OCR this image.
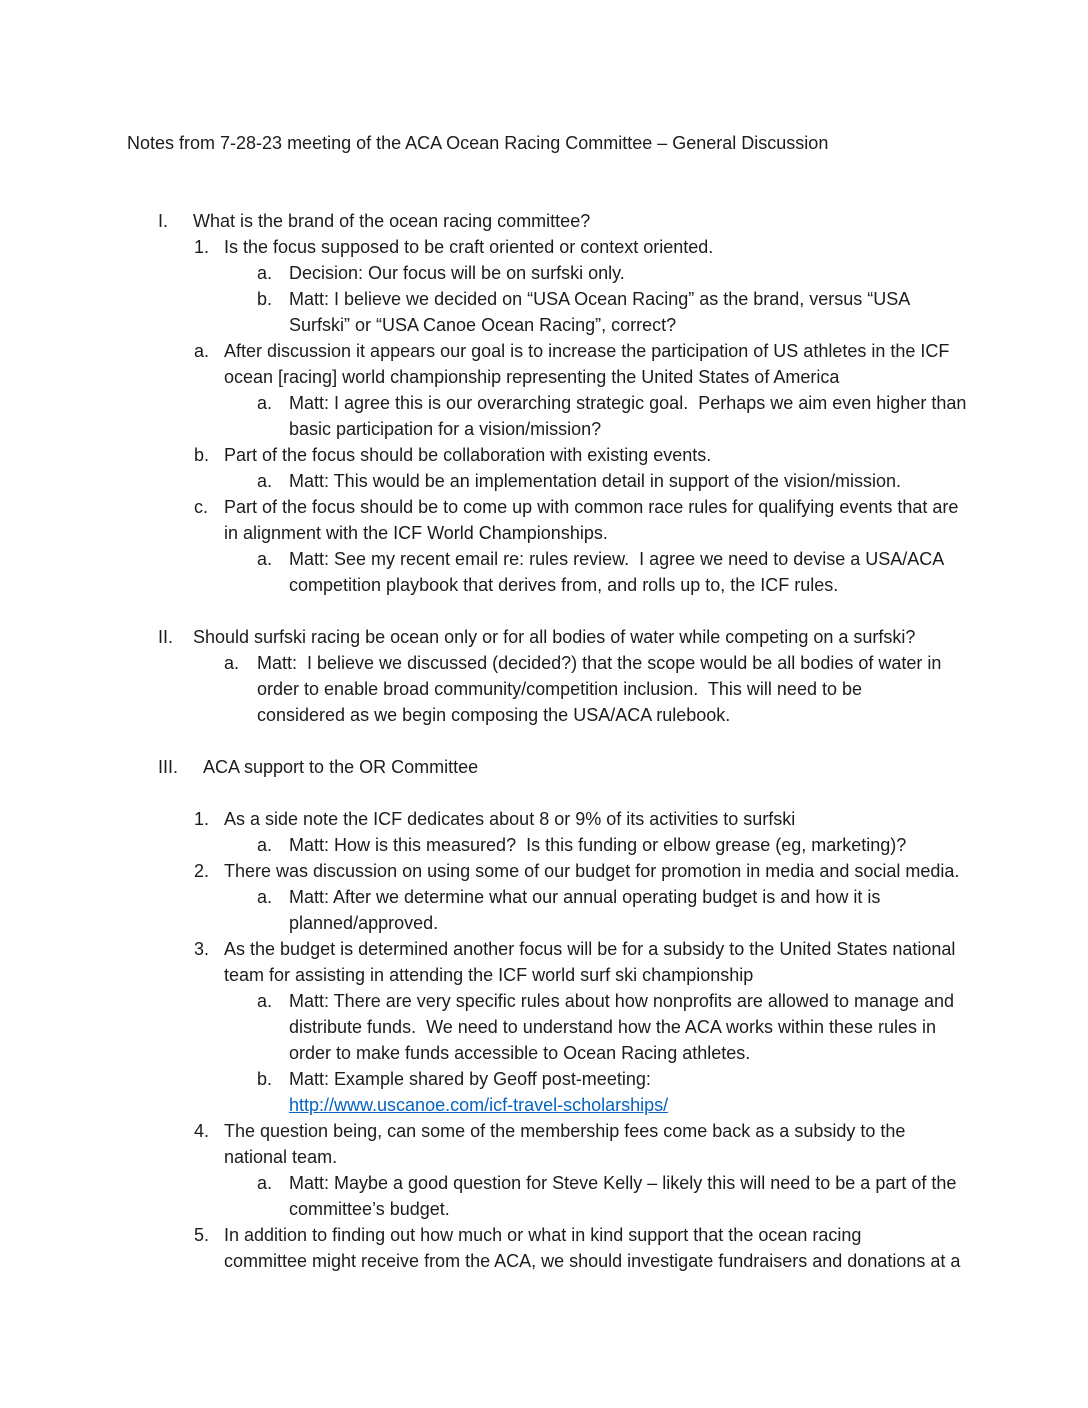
Notes from 7-28-23 meeting of the ACA Ocean Racing Committee – General Discussion
I. What is the brand of the ocean racing committee?
1. Is the focus supposed to be craft oriented or context oriented.
a. Decision: Our focus will be on surfski only.
b. Matt: I believe we decided on “USA Ocean Racing” as the brand, versus “USA
Surfski” or “USA Canoe Ocean Racing”, correct?
a. After discussion it appears our goal is to increase the participation of US athletes in the ICF
ocean [racing] world championship representing the United States of America
a. Matt: I agree this is our overarching strategic goal.  Perhaps we aim even higher than
basic participation for a vision/mission?
b. Part of the focus should be collaboration with existing events.
a. Matt: This would be an implementation detail in support of the vision/mission.
c. Part of the focus should be to come up with common race rules for qualifying events that are
in alignment with the ICF World Championships.
a. Matt: See my recent email re: rules review.  I agree we need to devise a USA/ACA
competition playbook that derives from, and rolls up to, the ICF rules.
II. Should surfski racing be ocean only or for all bodies of water while competing on a surfski?
a. Matt:  I believe we discussed (decided?) that the scope would be all bodies of water in
order to enable broad community/competition inclusion.  This will need to be
considered as we begin composing the USA/ACA rulebook.
III. ACA support to the OR Committee
1. As a side note the ICF dedicates about 8 or 9% of its activities to surfski
a. Matt: How is this measured?  Is this funding or elbow grease (eg, marketing)?
2. There was discussion on using some of our budget for promotion in media and social media.
a. Matt: After we determine what our annual operating budget is and how it is
planned/approved.
3. As the budget is determined another focus will be for a subsidy to the United States national
team for assisting in attending the ICF world surf ski championship
a. Matt: There are very specific rules about how nonprofits are allowed to manage and
distribute funds.  We need to understand how the ACA works within these rules in
order to make funds accessible to Ocean Racing athletes.
b. Matt: Example shared by Geoff post-meeting:
http://www.uscanoe.com/icf-travel-scholarships/
4. The question being, can some of the membership fees come back as a subsidy to the
national team.
a. Matt: Maybe a good question for Steve Kelly – likely this will need to be a part of the
committee’s budget.
5. In addition to finding out how much or what in kind support that the ocean racing
committee might receive from the ACA, we should investigate fundraisers and donations at a
